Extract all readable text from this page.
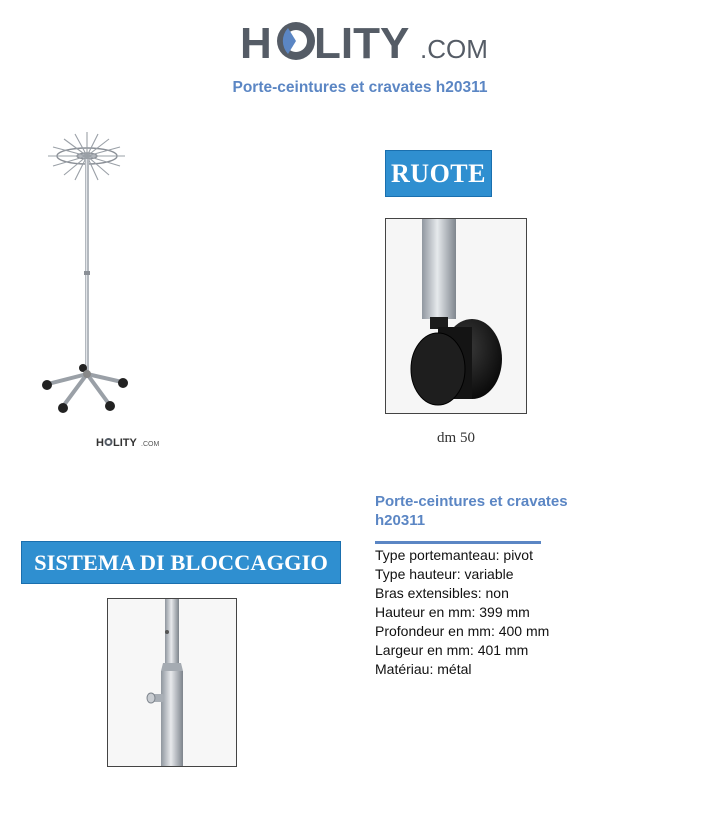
H LITY .COM
Porte-ceintures et cravates h20311
H LITY .COM
RUOTE
dm 50
SISTEMA DI BLOCCAGGIO
Porte-ceintures et cravates h20311
Type portemanteau: pivot
Type hauteur: variable
Bras extensibles: non
Hauteur en mm: 399 mm
Profondeur en mm: 400 mm
Largeur en mm: 401 mm
Matériau: métal
